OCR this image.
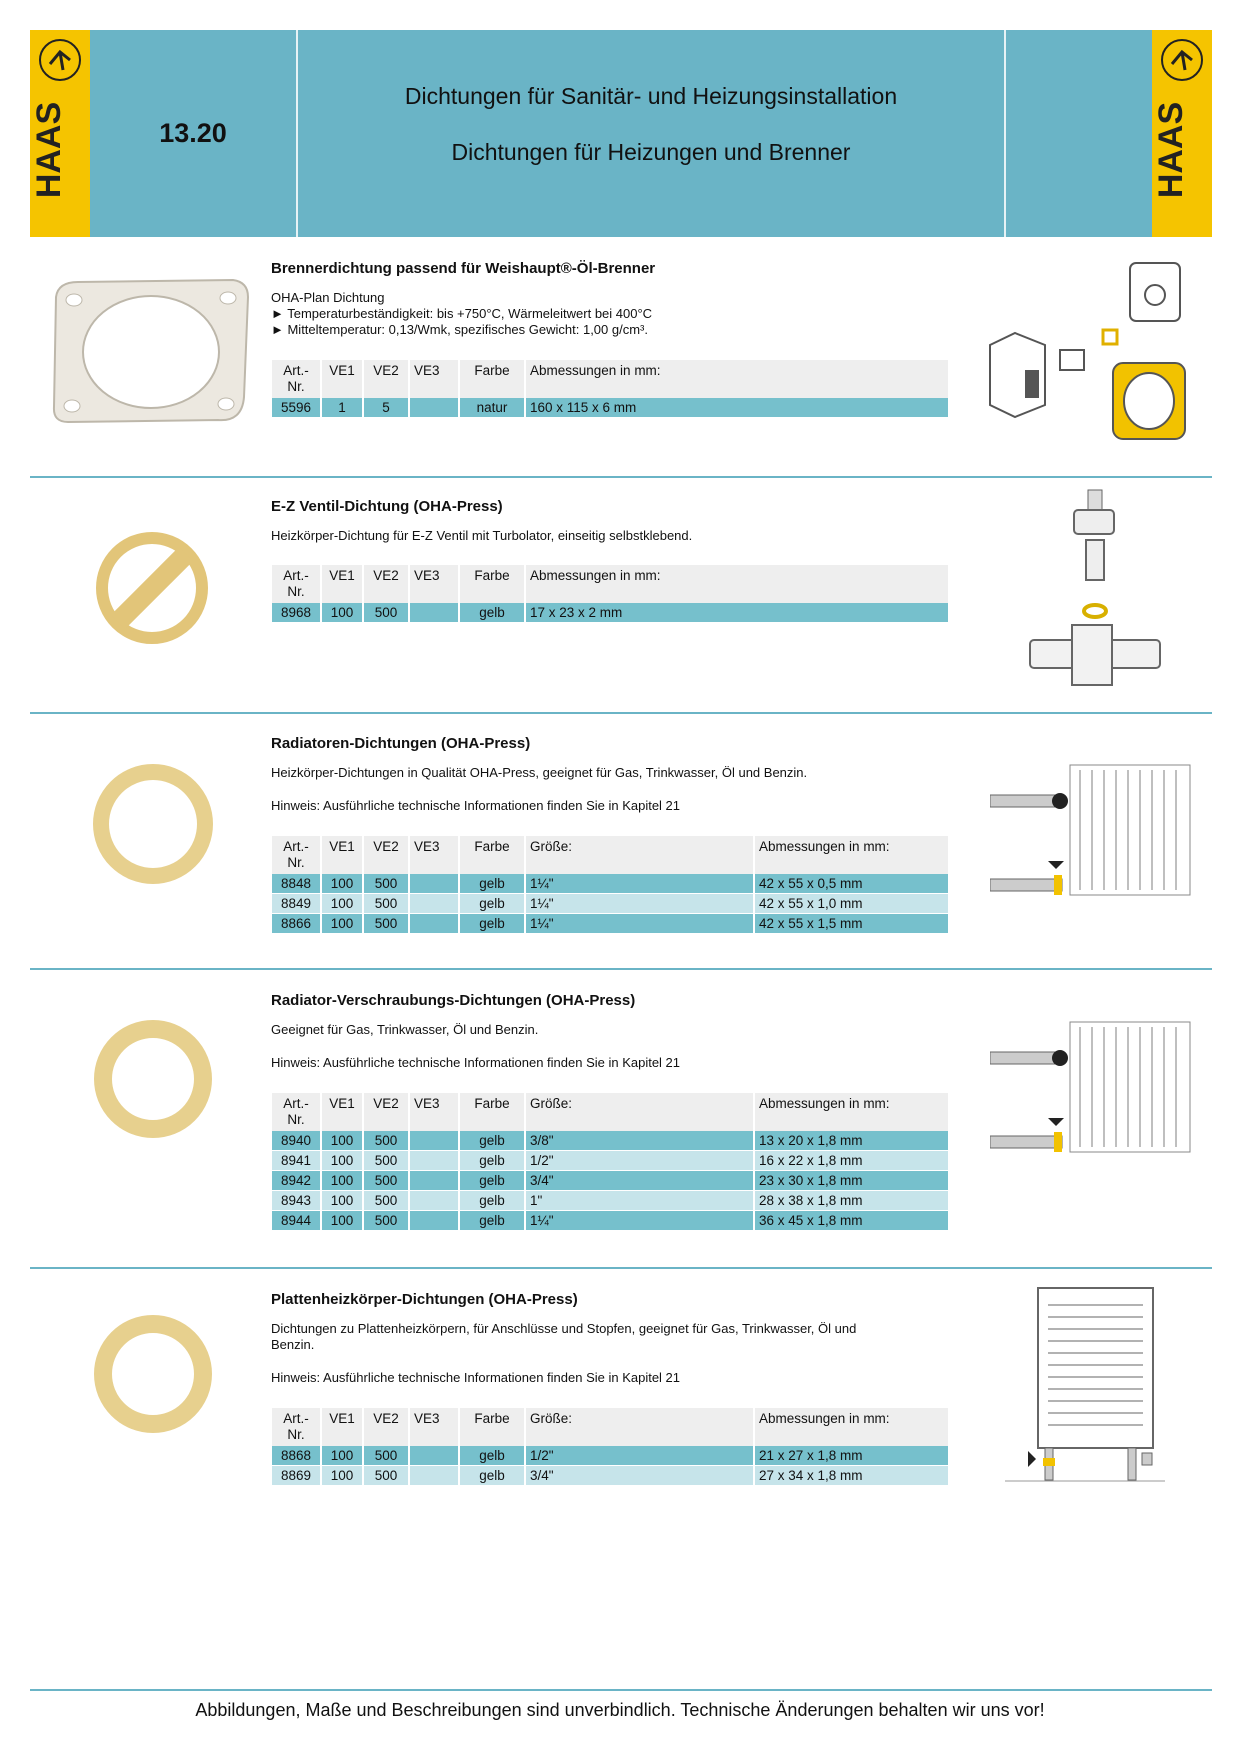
HAAS	13.20
Dichtungen für Sanitär- und Heizungsinstallation
Dichtungen für Heizungen und Brenner	HAAS
Brennerdichtung passend für Weishaupt®-Öl-Brenner
OHA-Plan Dichtung
► Temperaturbeständigkeit: bis +750°C, Wärmeleitwert bei 400°C
► Mitteltemperatur: 0,13/Wmk, spezifisches Gewicht: 1,00 g/cm³.
Art.-
Nr.	VE1	VE2	VE3	Farbe	Abmessungen in mm:
5596	1	5		natur	160 x 115 x 6 mm
E-Z Ventil-Dichtung (OHA-Press)
Heizkörper-Dichtung für E-Z Ventil mit Turbolator, einseitig selbstklebend.
Art.-
Nr.	VE1	VE2	VE3	Farbe	Abmessungen in mm:
8968	100	500		gelb	17 x 23 x 2 mm
Radiatoren-Dichtungen (OHA-Press)
Heizkörper-Dichtungen in Qualität OHA-Press, geeignet für Gas, Trinkwasser, Öl und Benzin.
Hinweis: Ausführliche technische Informationen finden Sie in Kapitel 21
Art.-
Nr.	VE1	VE2	VE3	Farbe	Größe:	Abmessungen in mm:
8848	100	500		gelb	1¼"	42 x 55 x 0,5 mm
8849	100	500		gelb	1¼"	42 x 55 x 1,0 mm
8866	100	500		gelb	1¼"	42 x 55 x 1,5 mm
Radiator-Verschraubungs-Dichtungen (OHA-Press)
Geeignet für Gas, Trinkwasser, Öl und Benzin.
Hinweis: Ausführliche technische Informationen finden Sie in Kapitel 21
Art.-
Nr.	VE1	VE2	VE3	Farbe	Größe:	Abmessungen in mm:
8940	100	500		gelb	3/8"	13 x 20 x 1,8 mm
8941	100	500		gelb	1/2"	16 x 22 x 1,8 mm
8942	100	500		gelb	3/4"	23 x 30 x 1,8 mm
8943	100	500		gelb	1"	28 x 38 x 1,8 mm
8944	100	500		gelb	1¼"	36 x 45 x 1,8 mm
Plattenheizkörper-Dichtungen (OHA-Press)
Dichtungen zu Plattenheizkörpern, für Anschlüsse und Stopfen, geeignet für Gas, Trinkwasser, Öl und
Benzin.
Hinweis: Ausführliche technische Informationen finden Sie in Kapitel 21
Art.-
Nr.	VE1	VE2	VE3	Farbe	Größe:	Abmessungen in mm:
8868	100	500		gelb	1/2"	21 x 27 x 1,8 mm
8869	100	500		gelb	3/4"	27 x 34 x 1,8 mm
Abbildungen, Maße und Beschreibungen sind unverbindlich. Technische Änderungen behalten wir uns vor!
